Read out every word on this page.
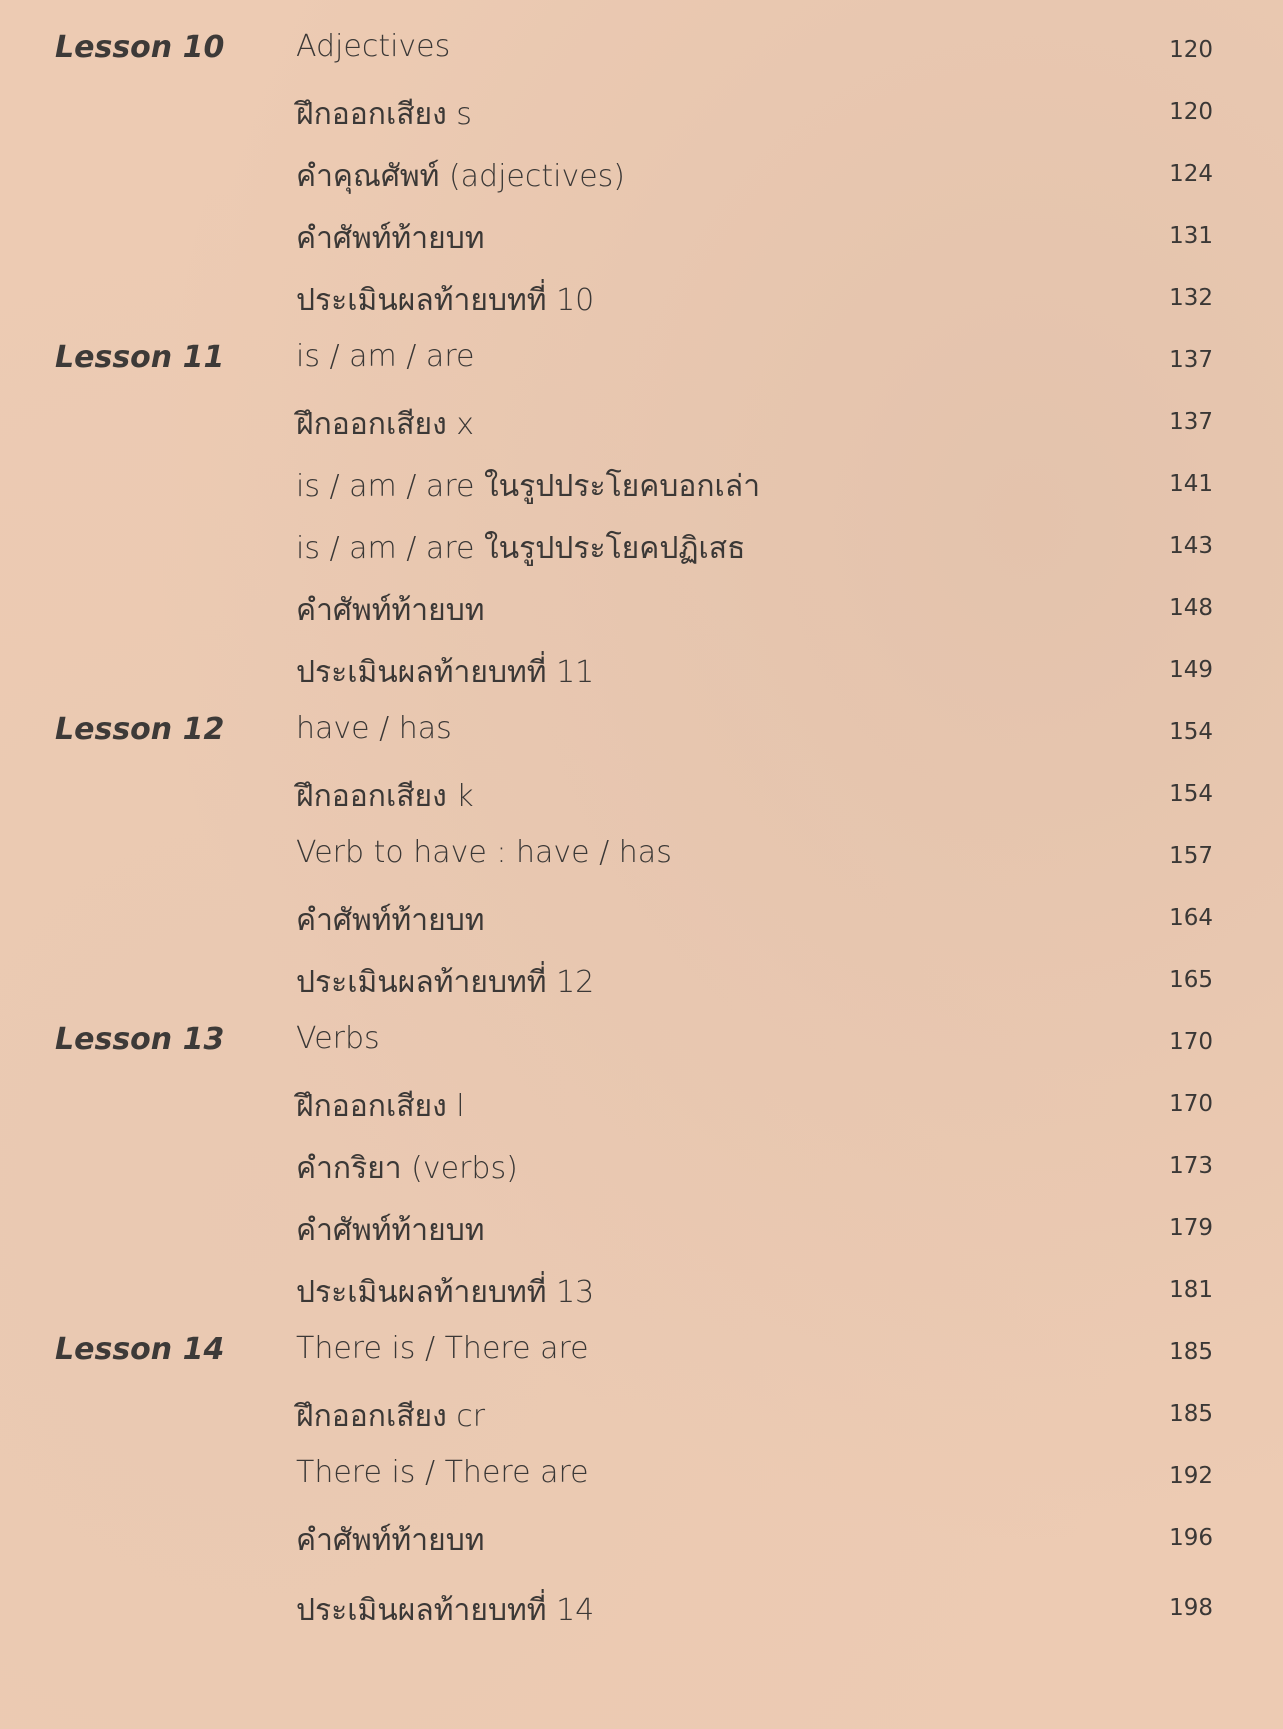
Lesson 10 Adjectives	120
ฝึกออกเสียง s	120
คำคุณศัพท์ (adjectives)	124
คำศัพท์ท้ายบท	131
ประเมินผลท้ายบทที่ 10	132
Lesson 11 is / am / are	137
ฝึกออกเสียง x	137
is / am / are ในรูปประโยคบอกเล่า	141
is / am / are ในรูปประโยคปฏิเสธ	143
คำศัพท์ท้ายบท	148
ประเมินผลท้ายบทที่ 11	149
Lesson 12 have / has	154
ฝึกออกเสียง k	154
Verb to have : have / has	157
คำศัพท์ท้ายบท	164
ประเมินผลท้ายบทที่ 12	165
Lesson 13 Verbs	170
ฝึกออกเสียง l	170
คำกริยา (verbs)	173
คำศัพท์ท้ายบท	179
ประเมินผลท้ายบทที่ 13	181
Lesson 14 There is / There are	185
ฝึกออกเสียง cr	185
There is / There are	192
คำศัพท์ท้ายบท	196
ประเมินผลท้ายบทที่ 14	198
